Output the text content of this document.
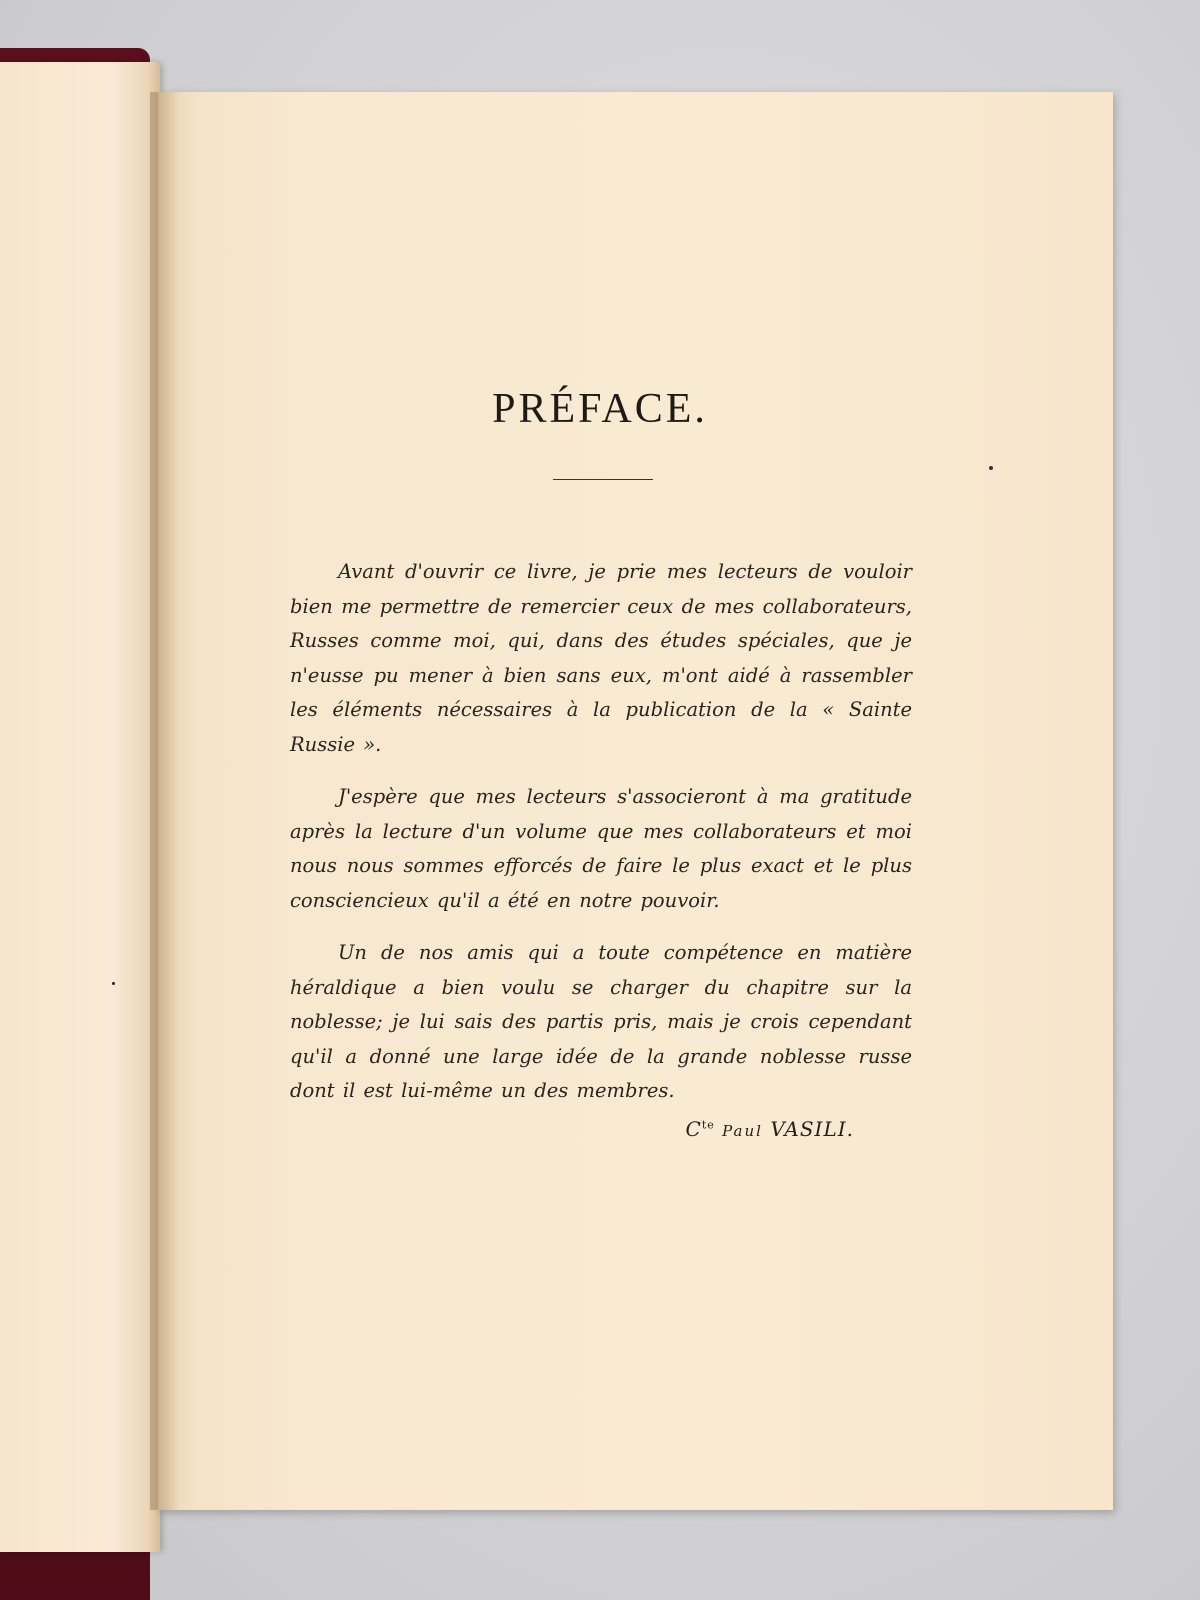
PRÉFACE.

Avant d'ouvrir ce livre, je prie mes lecteurs de vouloir bien me permettre de remercier ceux de mes collaborateurs, Russes comme moi, qui, dans des études spéciales, que je n'eusse pu mener à bien sans eux, m'ont aidé à rassembler les éléments nécessaires à la publication de la « Sainte Russie ».

J'espère que mes lecteurs s'associeront à ma gratitude après la lecture d'un volume que mes collaborateurs et moi nous nous sommes efforcés de faire le plus exact et le plus consciencieux qu'il a été en notre pouvoir.

Un de nos amis qui a toute compétence en matière héraldique a bien voulu se charger du chapitre sur la noblesse; je lui sais des partis pris, mais je crois cependant qu'il a donné une large idée de la grande noblesse russe dont il est lui-même un des membres.

$C^{te}$ Paul VASILI.
